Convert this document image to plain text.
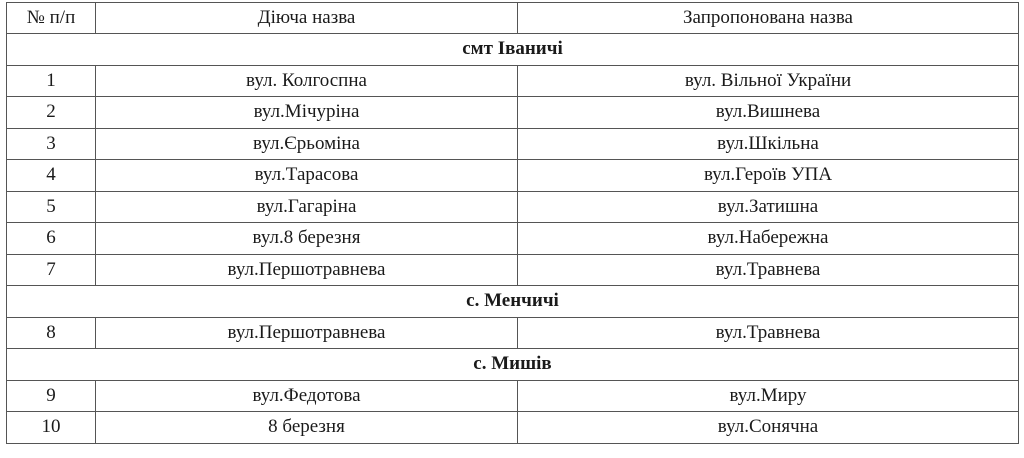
№ п/п	Діюча назва	Запропонована назва
смт Іваничі		
1	вул. Колгоспна	вул. Вільної України
2	вул.Мічуріна	вул.Вишнева
3	вул.Єрьоміна	вул.Шкільна
4	вул.Тарасова	вул.Героїв УПА
5	вул.Гагаріна	вул.Затишна
6	вул.8 березня	вул.Набережна
7	вул.Першотравнева	вул.Травнева
с. Менчичі		
8	вул.Першотравнева	вул.Травнева
с. Мишів		
9	вул.Федотова	вул.Миру
10	8 березня	вул.Сонячна
